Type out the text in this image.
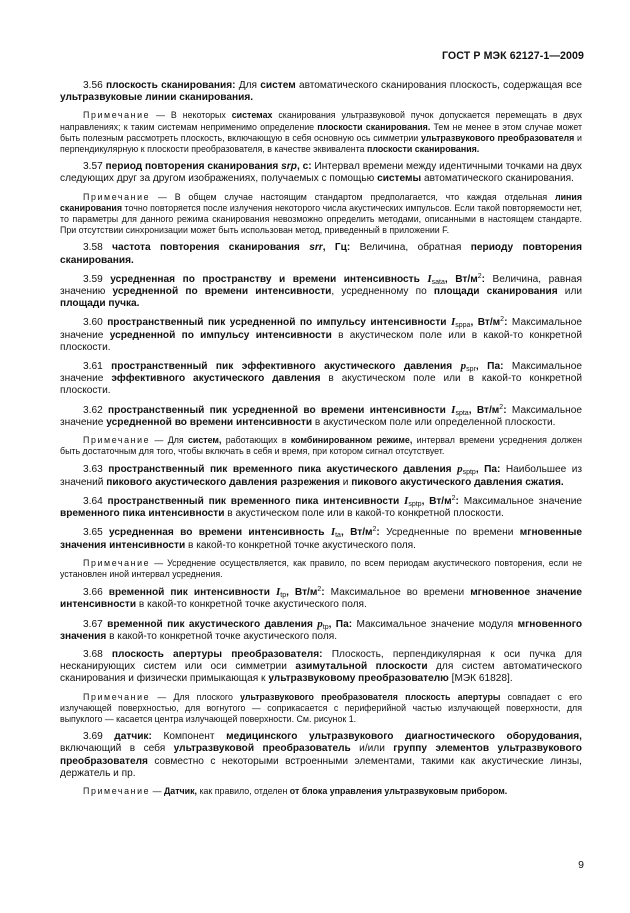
ГОСТ Р МЭК 62127-1—2009

3.56 плоскость сканирования: Для систем автоматического сканирования плоскость, содержащая все ультразвуковые линии сканирования.

Примечание — В некоторых системах сканирования ультразвуковой пучок допускается перемещать в двух направлениях; к таким системам неприменимо определение плоскости сканирования. Тем не менее в этом случае может быть полезным рассмотреть плоскость, включающую в себя основную ось симметрии ультразвукового преобразователя и перпендикулярную к плоскости преобразователя, в качестве эквивалента плоскости сканирования.

3.57 период повторения сканирования srp, с: Интервал времени между идентичными точками на двух следующих друг за другом изображениях, получаемых с помощью системы автоматического сканирования.

Примечание — В общем случае настоящим стандартом предполагается, что каждая отдельная линия сканирования точно повторяется после излучения некоторого числа акустических импульсов. Если такой повторяемости нет, то параметры для данного режима сканирования невозможно определить методами, описанными в настоящем стандарте. При отсутствии синхронизации может быть использован метод, приведенный в приложении F.

3.58 частота повторения сканирования srr, Гц: Величина, обратная периоду повторения сканирования.

3.59 усредненная по пространству и времени интенсивность $I_{sata}$, $Вт/м^2$: Величина, равная значению усредненной по времени интенсивности, усредненному по площади сканирования или площади пучка.

3.60 пространственный пик усредненной по импульсу интенсивности $I_{sppa}$, $Вт/м^2$: Максимальное значение усредненной по импульсу интенсивности в акустическом поле или в какой-то конкретной плоскости.

3.61 пространственный пик эффективного акустического давления $p_{spr}$, Па: Максимальное значение эффективного акустического давления в акустическом поле или в какой-то конкретной плоскости.

3.62 пространственный пик усредненной во времени интенсивности $I_{spta}$, $Вт/м^2$: Максимальное значение усредненной во времени интенсивности в акустическом поле или определенной плоскости.

Примечание — Для систем, работающих в комбинированном режиме, интервал времени усреднения должен быть достаточным для того, чтобы включать в себя и время, при котором сигнал отсутствует.

3.63 пространственный пик временного пика акустического давления $p_{sptp}$, Па: Наибольшее из значений пикового акустического давления разрежения и пикового акустического давления сжатия.

3.64 пространственный пик временного пика интенсивности $I_{sptp}$, $Вт/м^2$: Максимальное значение временного пика интенсивности в акустическом поле или в какой-то конкретной плоскости.

3.65 усредненная во времени интенсивность $I_{ta}$, $Вт/м^2$: Усредненные по времени мгновенные значения интенсивности в какой-то конкретной точке акустического поля.

Примечание — Усреднение осуществляется, как правило, по всем периодам акустического повторения, если не установлен иной интервал усреднения.

3.66 временной пик интенсивности $I_{tp}$, $Вт/м^2$: Максимальное во времени мгновенное значение интенсивности в какой-то конкретной точке акустического поля.

3.67 временной пик акустического давления $p_{tp}$, Па: Максимальное значение модуля мгновенного значения в какой-то конкретной точке акустического поля.

3.68 плоскость апертуры преобразователя: Плоскость, перпендикулярная к оси пучка для несканирующих систем или оси симметрии азимутальной плоскости для систем автоматического сканирования и физически примыкающая к ультразвуковому преобразователю [МЭК 61828].

Примечание — Для плоского ультразвукового преобразователя плоскость апертуры совпадает с его излучающей поверхностью, для вогнутого — соприкасается с периферийной частью излучающей поверхности, для выпуклого — касается центра излучающей поверхности. См. рисунок 1.

3.69 датчик: Компонент медицинского ультразвукового диагностического оборудования, включающий в себя ультразвуковой преобразователь и/или группу элементов ультразвукового преобразователя совместно с некоторыми встроенными элементами, такими как акустические линзы, держатель и пр.

Примечание — Датчик, как правило, отделен от блока управления ультразвуковым прибором.

9
